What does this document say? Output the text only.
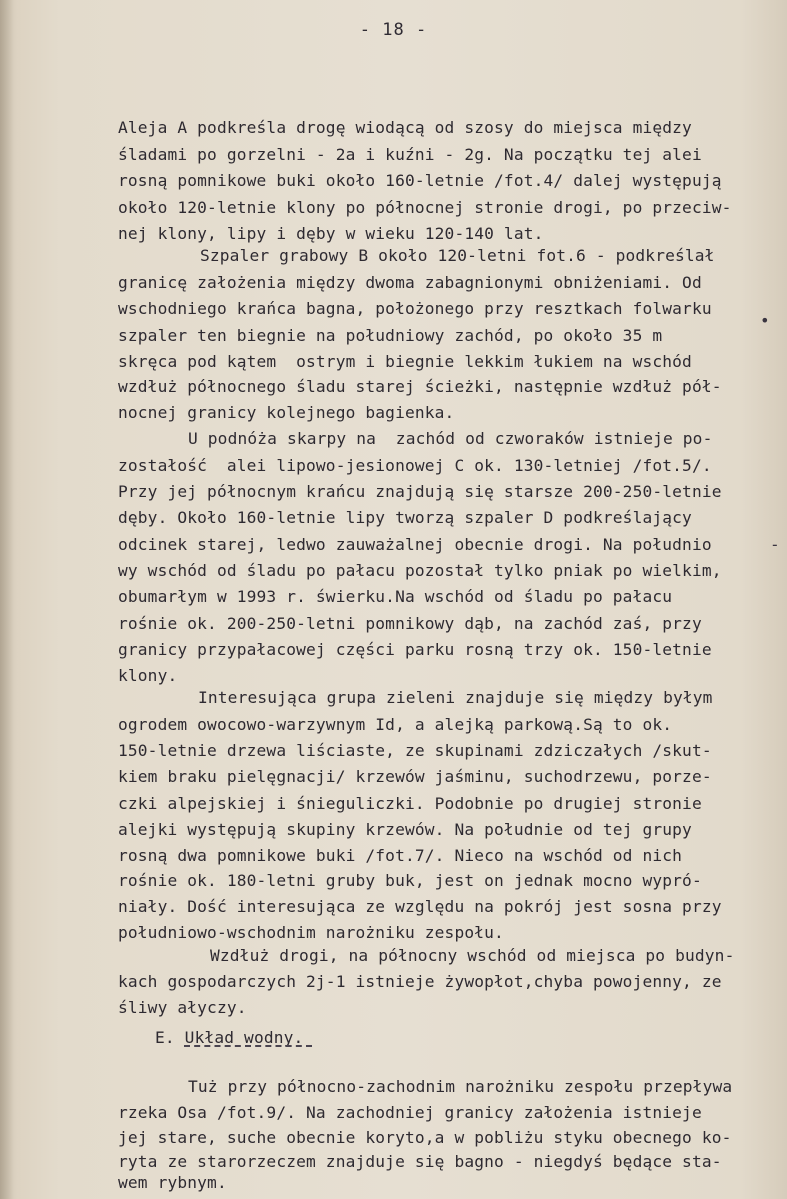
- 18 -
Aleja A podkreśla drogę wiodącą od szosy do miejsca między
śladami po gorzelni - 2a i kuźni - 2g. Na początku tej alei
rosną pomnikowe buki około 160-letnie /fot.4/ dalej występują
około 120-letnie klony po północnej stronie drogi, po przeciw-
nej klony, lipy i dęby w wieku 120-140 lat.
Szpaler grabowy B około 120-letni fot.6 - podkreślał
granicę założenia między dwoma zabagnionymi obniżeniami. Od
wschodniego krańca bagna, położonego przy resztkach folwarku
szpaler ten biegnie na południowy zachód, po około 35 m
skręca pod kątem  ostrym i biegnie lekkim łukiem na wschód
wzdłuż północnego śladu starej ścieżki, następnie wzdłuż pół-
nocnej granicy kolejnego bagienka.
U podnóża skarpy na  zachód od czworaków istnieje po-
zostałość  alei lipowo-jesionowej C ok. 130-letniej /fot.5/.
Przy jej północnym krańcu znajdują się starsze 200-250-letnie
dęby. Około 160-letnie lipy tworzą szpaler D podkreślający
odcinek starej, ledwo zauważalnej obecnie drogi. Na południo
wy wschód od śladu po pałacu pozostał tylko pniak po wielkim,
obumarłym w 1993 r. świerku.Na wschód od śladu po pałacu
rośnie ok. 200-250-letni pomnikowy dąb, na zachód zaś, przy
granicy przypałacowej części parku rosną trzy ok. 150-letnie
klony.
Interesująca grupa zieleni znajduje się między byłym
ogrodem owocowo-warzywnym Id, a alejką parkową.Są to ok.
150-letnie drzewa liściaste, ze skupinami zdziczałych /skut-
kiem braku pielęgnacji/ krzewów jaśminu, suchodrzewu, porze-
czki alpejskiej i śnieguliczki. Podobnie po drugiej stronie
alejki występują skupiny krzewów. Na południe od tej grupy
rosną dwa pomnikowe buki /fot.7/. Nieco na wschód od nich
rośnie ok. 180-letni gruby buk, jest on jednak mocno wypró-
niały. Dość interesująca ze względu na pokrój jest sosna przy
południowo-wschodnim narożniku zespołu.
Wzdłuż drogi, na północny wschód od miejsca po budyn-
kach gospodarczych 2j-1 istnieje żywopłot,chyba powojenny, ze
śliwy ałyczy.
E. Układ wodny.
Tuż przy północno-zachodnim narożniku zespołu przepływa
rzeka Osa /fot.9/. Na zachodniej granicy założenia istnieje
jej stare, suche obecnie koryto,a w pobliżu styku obecnego ko-
ryta ze starorzeczem znajduje się bagno - niegdyś będące sta-
wem rybnym.
•
-
